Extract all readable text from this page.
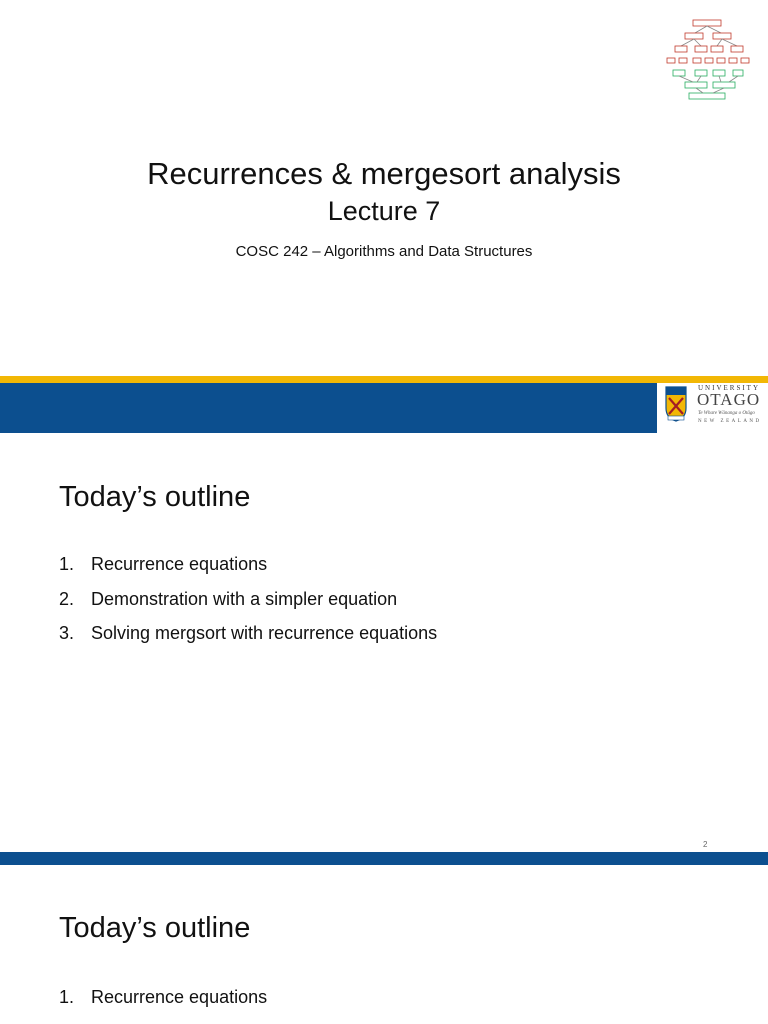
Recurrences & mergesort analysis
Lecture 7
COSC 242 – Algorithms and Data Structures
UNIVERSITY
OTAGO
Te Whare Wānanga o Otāgo
NEW ZEALAND
Today’s outline
1. Recurrence equations
2. Demonstration with a simpler equation
3. Solving mergsort with recurrence equations
2
Today’s outline
1. Recurrence equations
